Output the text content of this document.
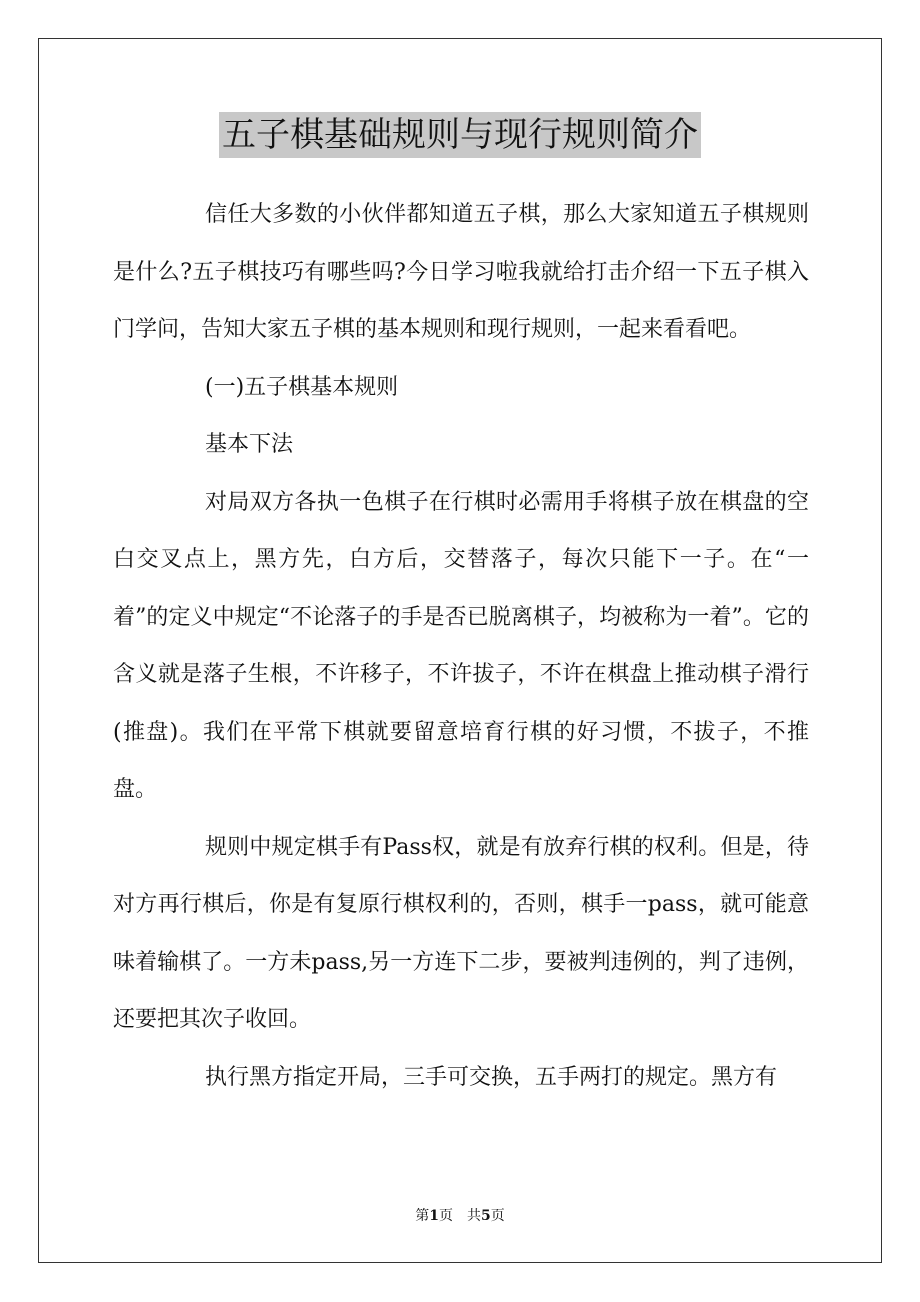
五子棋基础规则与现行规则简介

信任大多数的小伙伴都知道五子棋，那么大家知道五子棋规则是什么?五子棋技巧有哪些吗?今日学习啦我就给打击介绍一下五子棋入门学问，告知大家五子棋的基本规则和现行规则，一起来看看吧。

(一)五子棋基本规则

基本下法

对局双方各执一色棋子在行棋时必需用手将棋子放在棋盘的空白交叉点上，黑方先，白方后，交替落子，每次只能下一子。在“一着”的定义中规定“不论落子的手是否已脱离棋子，均被称为一着”。它的含义就是落子生根，不许移子，不许拔子，不许在棋盘上推动棋子滑行(推盘)。我们在平常下棋就要留意培育行棋的好习惯，不拔子，不推盘。

规则中规定棋手有Pass权，就是有放弃行棋的权利。但是，待对方再行棋后，你是有复原行棋权利的，否则，棋手一pass，就可能意味着输棋了。一方未pass,另一方连下二步，要被判违例的，判了违例，还要把其次子收回。

执行黑方指定开局，三手可交换，五手两打的规定。黑方有

第1页 共5页
